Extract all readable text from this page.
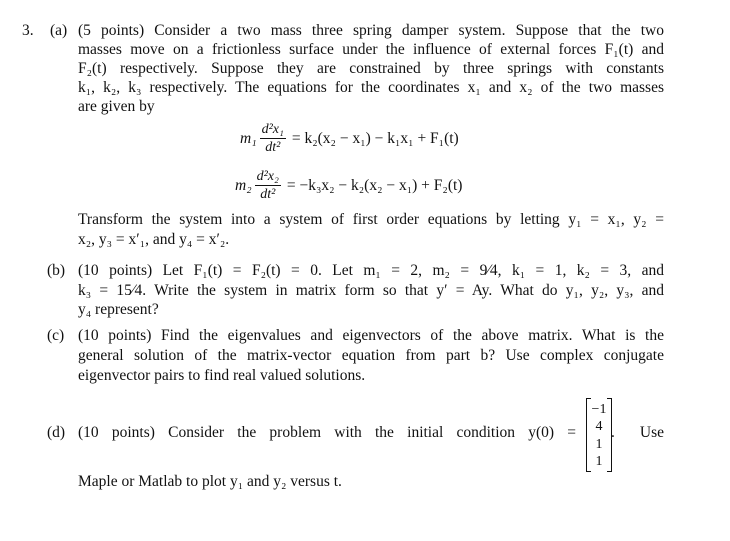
3. (a) (5 points) Consider a two mass three spring damper system. Suppose that the two
masses move on a frictionless surface under the influence of external forces F₁(t) and
F₂(t) respectively. Suppose they are constrained by three springs with constants
k₁, k₂, k₃ respectively. The equations for the coordinates x₁ and x₂ of the two masses
are given by
$m_1 \frac{\text{d²x₁}}{\text{dt²}} = k_2(x_2 - x_1) - k_1x_1 + F_1(t)$
$m_2 \frac{\text{d²x₂}}{\text{dt²}} = -k_3x_2 - k_2(x_2 - x_1) + F_2(t)$
Transform the system into a system of first order equations by letting y₁ = x₁, y₂ =
x₂, y₃ = x′₁, and y₄ = x′₂.
(b) (10 points) Let F₁(t) = F₂(t) = 0. Let m₁ = 2, m₂ = 9⁄4, k₁ = 1, k₂ = 3, and
k₃ = 15⁄4. Write the system in matrix form so that y′ = Ay. What do y₁, y₂, y₃, and
y₄ represent?
(c) (10 points) Find the eigenvalues and eigenvectors of the above matrix. What is the
general solution of the matrix-vector equation from part b? Use complex conjugate
eigenvector pairs to find real valued solutions.
(d) (10 points) Consider the problem with the initial condition y(0) =
−1
4
1
1
. Use
Maple or Matlab to plot y₁ and y₂ versus t.
